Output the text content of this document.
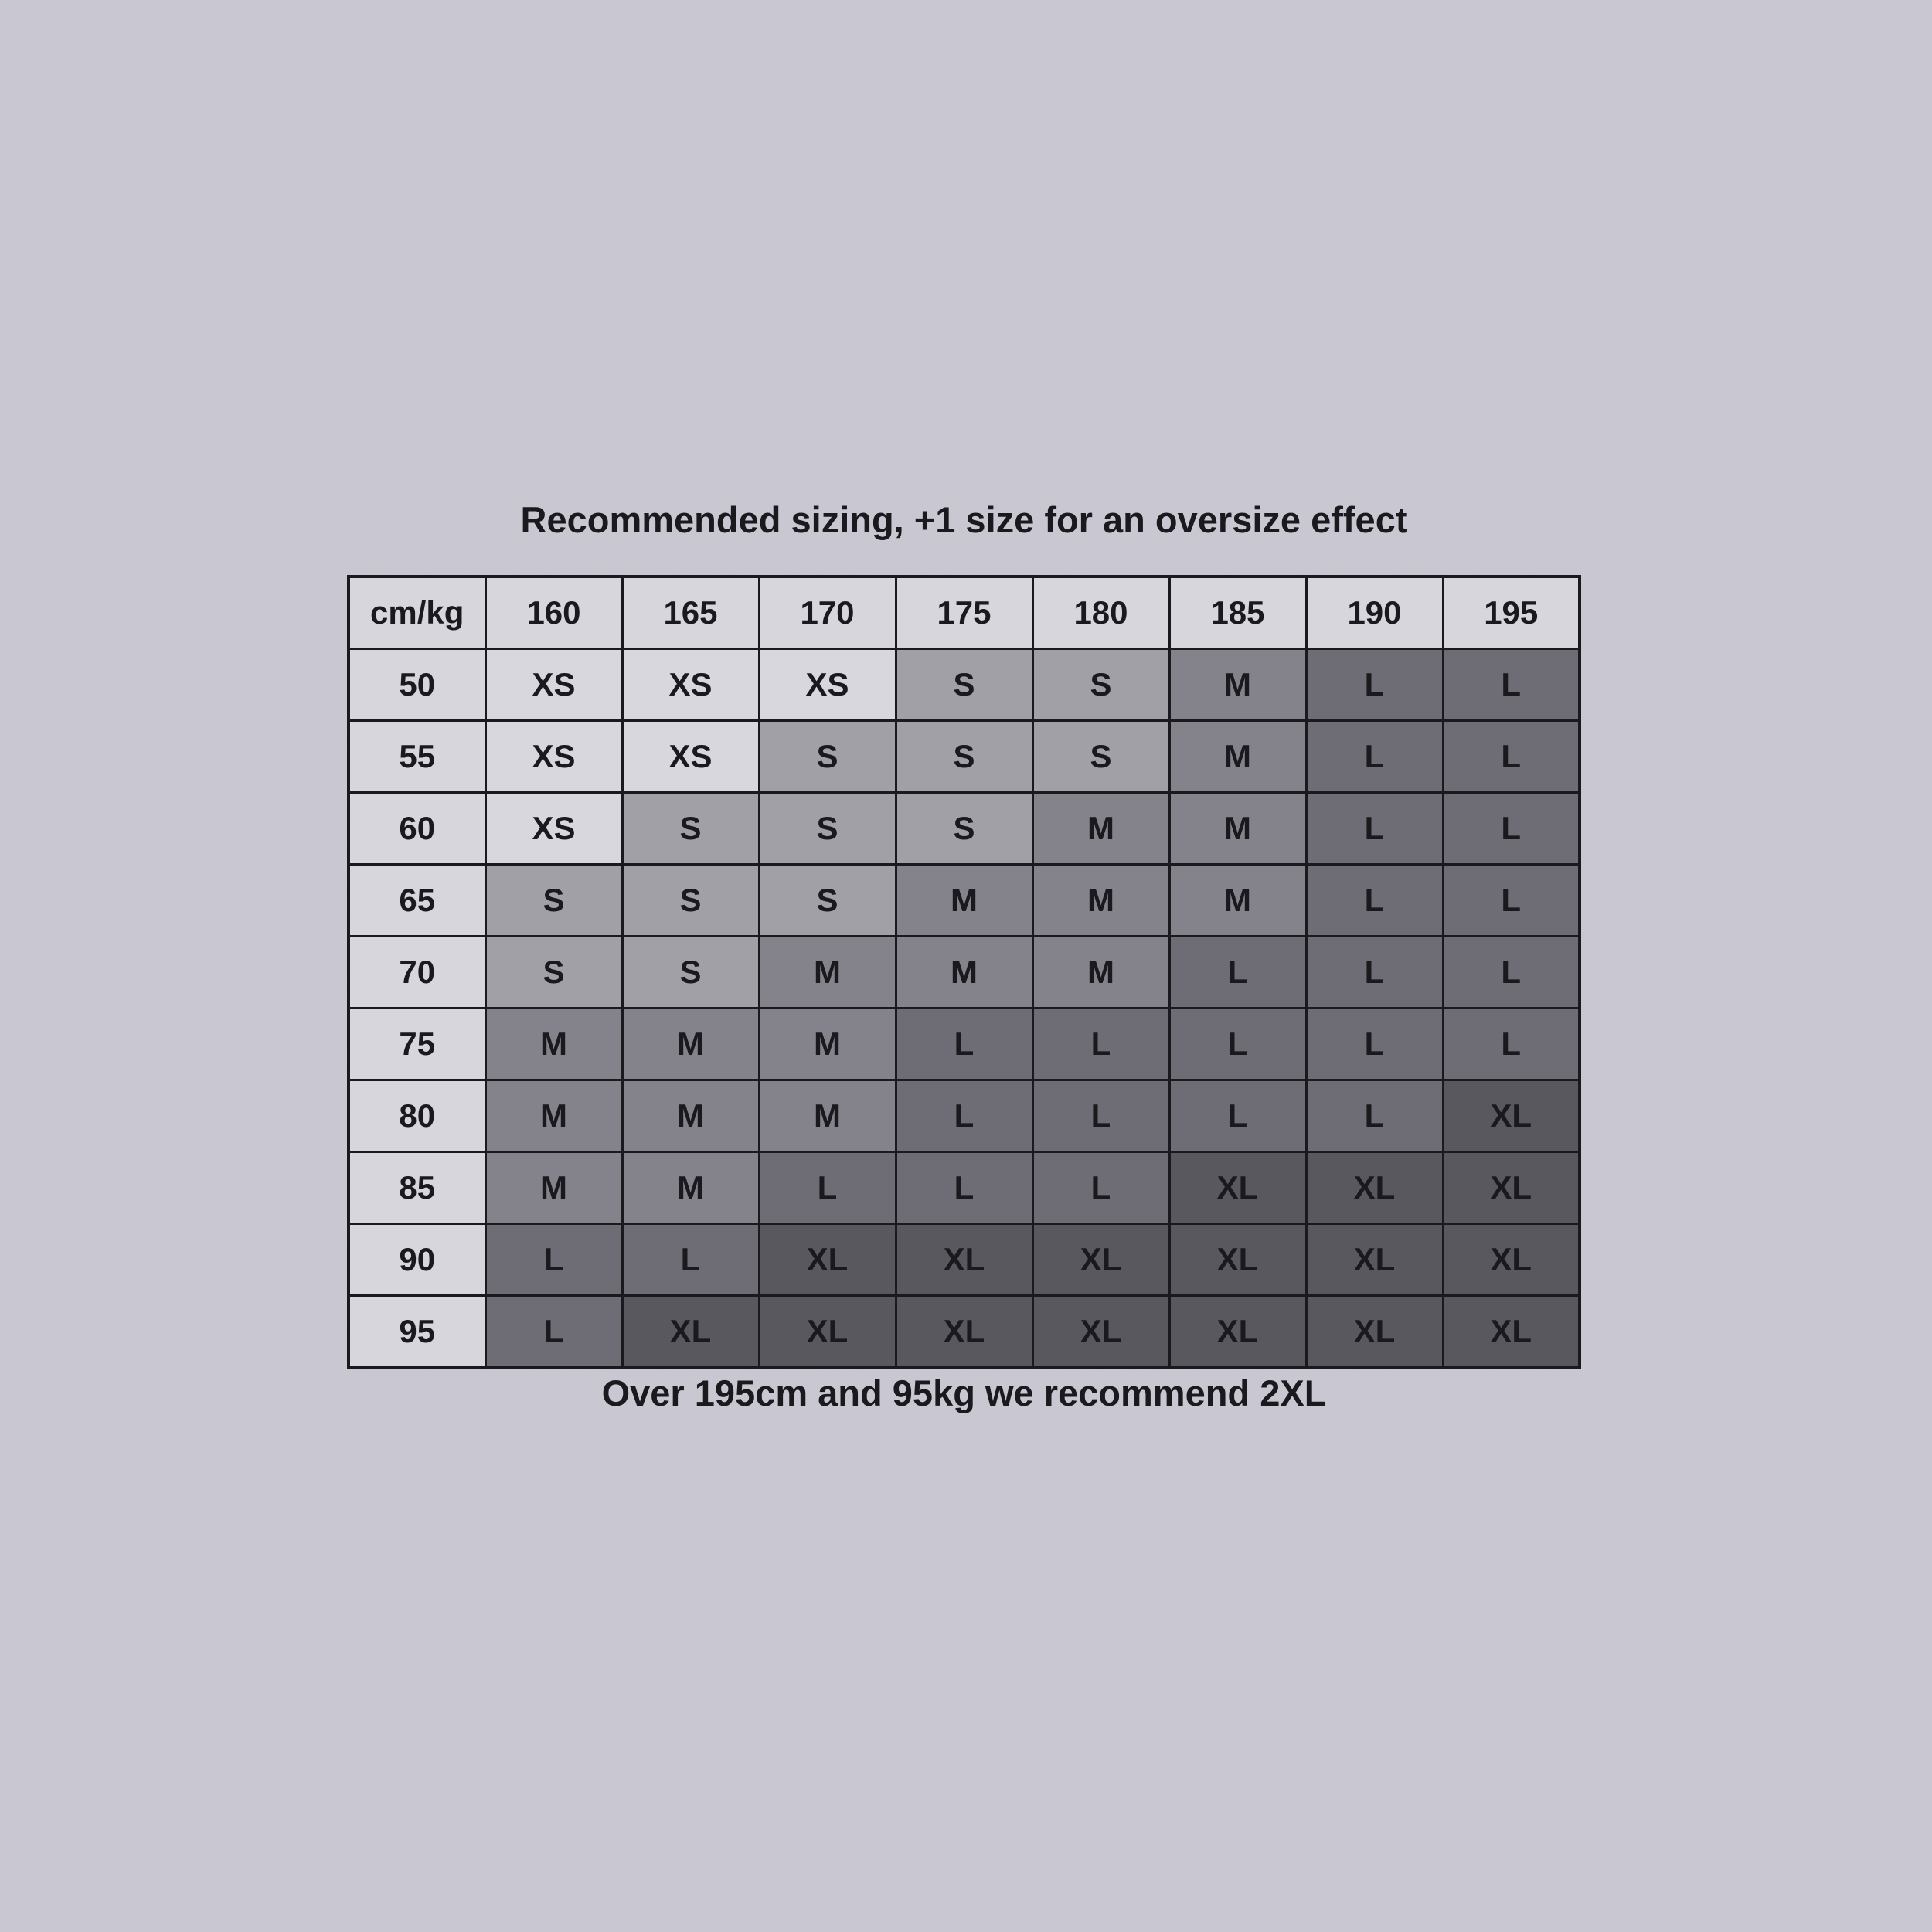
Recommended sizing, +1 size for an oversize effect
cm/kg	160	165	170	175	180	185	190	195
50	XS	XS	XS	S	S	M	L	L
55	XS	XS	S	S	S	M	L	L
60	XS	S	S	S	M	M	L	L
65	S	S	S	M	M	M	L	L
70	S	S	M	M	M	L	L	L
75	M	M	M	L	L	L	L	L
80	M	M	M	L	L	L	L	XL
85	M	M	L	L	L	XL	XL	XL
90	L	L	XL	XL	XL	XL	XL	XL
95	L	XL	XL	XL	XL	XL	XL	XL
Over 195cm and 95kg we recommend 2XL
